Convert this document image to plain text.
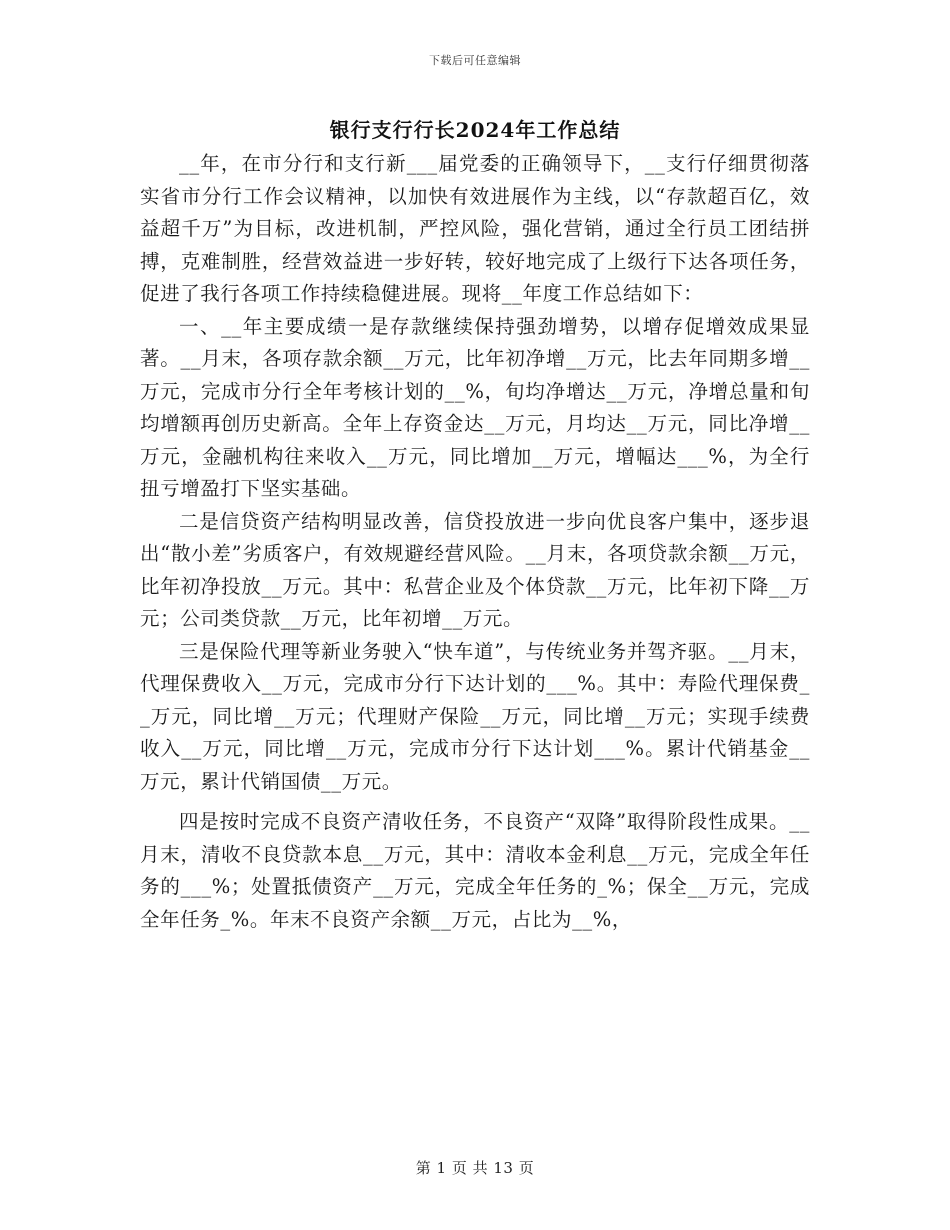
下载后可任意编辑
银行支行行长2024年工作总结

__年，在市分行和支行新___届党委的正确领导下，__支行仔细贯彻落实省市分行工作会议精神，以加快有效进展作为主线，以“存款超百亿，效益超千万”为目标，改进机制，严控风险，强化营销，通过全行员工团结拼搏，克难制胜，经营效益进一步好转，较好地完成了上级行下达各项任务，促进了我行各项工作持续稳健进展。现将__年度工作总结如下：

一、__年主要成绩一是存款继续保持强劲增势，以增存促增效成果显著。__月末，各项存款余额__万元，比年初净增__万元，比去年同期多增__万元，完成市分行全年考核计划的__%，旬均净增达__万元，净增总量和旬均增额再创历史新高。全年上存资金达__万元，月均达__万元，同比净增__万元，金融机构往来收入__万元，同比增加__万元，增幅达___%，为全行扭亏增盈打下坚实基础。

二是信贷资产结构明显改善，信贷投放进一步向优良客户集中，逐步退出“散小差”劣质客户，有效规避经营风险。__月末，各项贷款余额__万元，比年初净投放__万元。其中：私营企业及个体贷款__万元，比年初下降__万元；公司类贷款__万元，比年初增__万元。

三是保险代理等新业务驶入“快车道”，与传统业务并驾齐驱。__月末，代理保费收入__万元，完成市分行下达计划的___%。其中：寿险代理保费__万元，同比增__万元；代理财产保险__万元，同比增__万元；实现手续费收入__万元，同比增__万元，完成市分行下达计划___%。累计代销基金__万元，累计代销国债__万元。

四是按时完成不良资产清收任务，不良资产“双降”取得阶段性成果。__月末，清收不良贷款本息__万元，其中：清收本金利息__万元，完成全年任务的___%；处置抵债资产__万元，完成全年任务的_%；保全__万元，完成全年任务_%。年末不良资产余额__万元，占比为__%，

第 1 页 共 13 页
